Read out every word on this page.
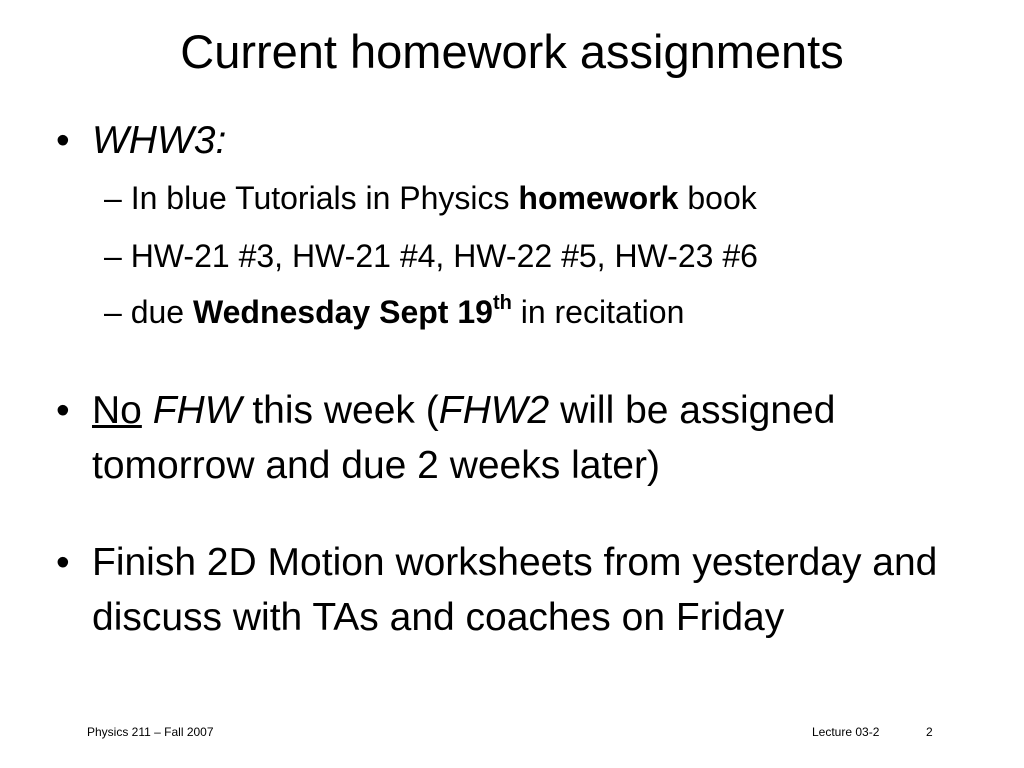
Current homework assignments
• WHW3:
– In blue Tutorials in Physics homework book
– HW-21 #3, HW-21 #4, HW-22 #5, HW-23 #6
– due Wednesday Sept 19th in recitation
• No FHW this week (FHW2 will be assigned tomorrow and due 2 weeks later)
• Finish 2D Motion worksheets from yesterday and discuss with TAs and coaches on Friday
Physics 211 – Fall 2007	Lecture 03-2	2
